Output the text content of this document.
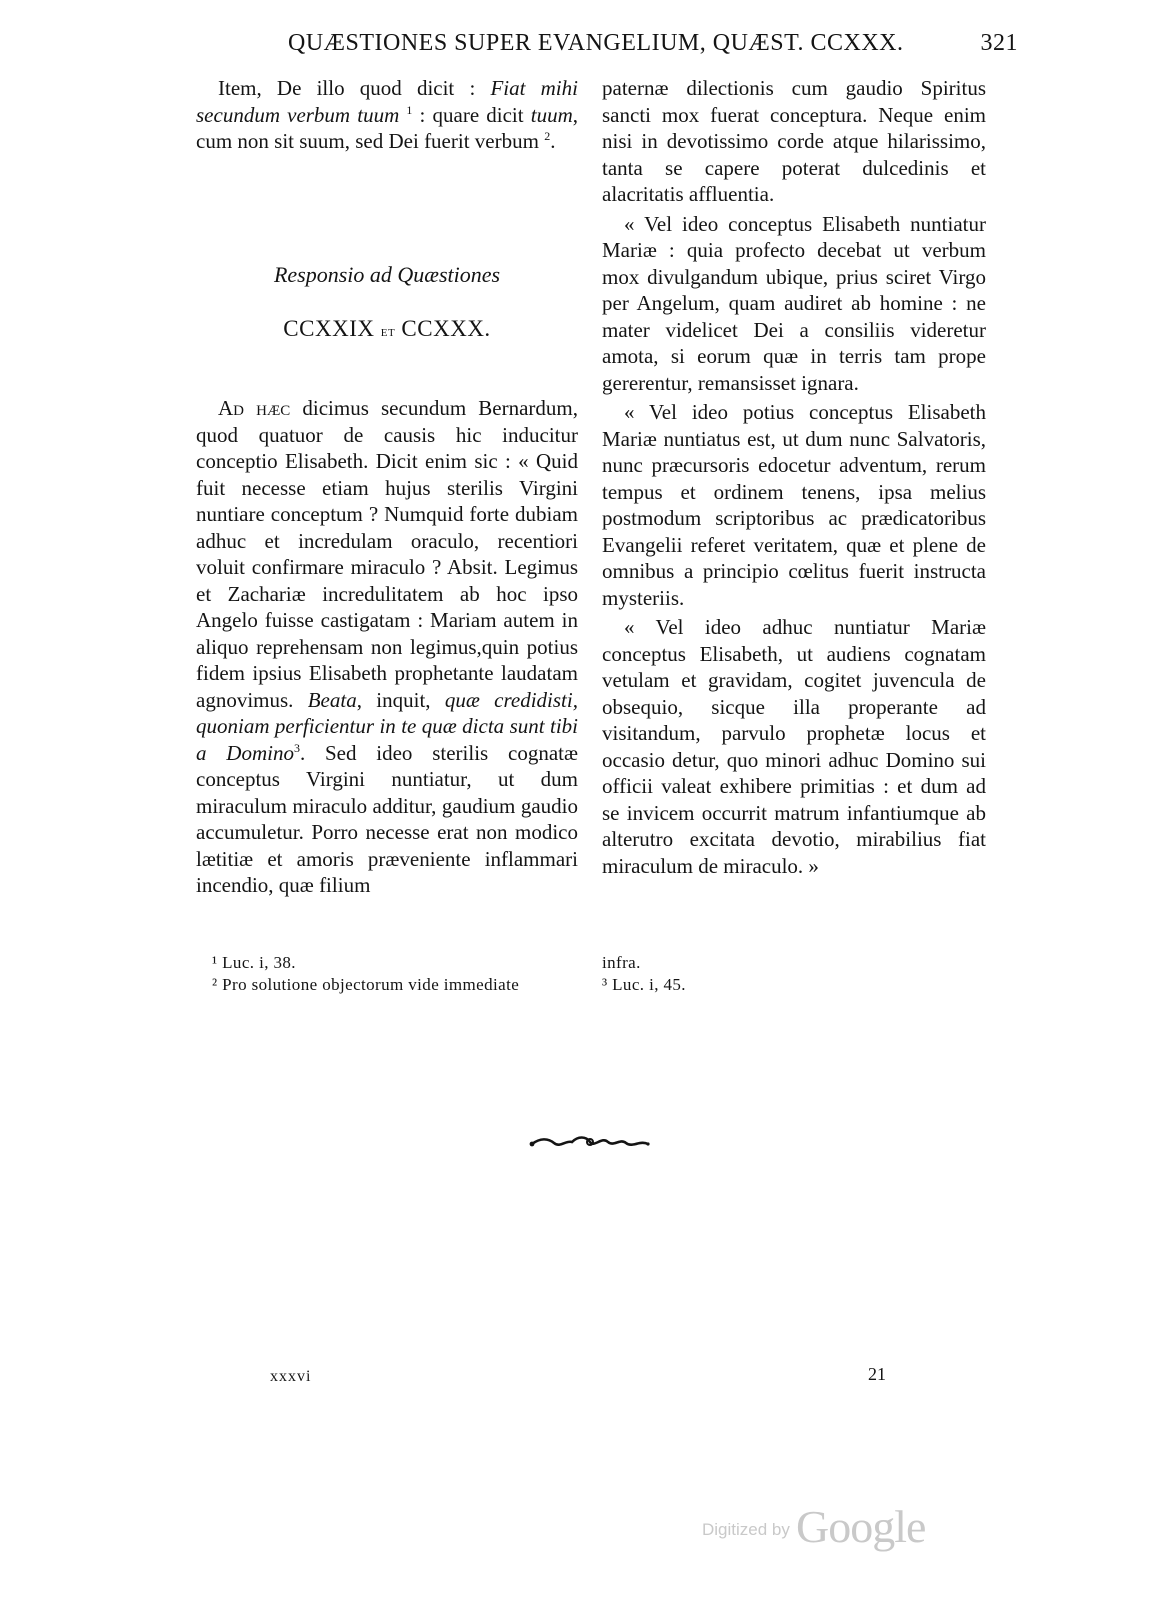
QUÆSTIONES SUPER EVANGELIUM, QUÆST. CCXXX.	321

Item, De illo quod dicit : Fiat mihi secundum verbum tuum $^1$ : quare dicit tuum, cum non sit suum, sed Dei fuerit verbum $^2$.

Responsio ad Quæstiones
CCXXIX et CCXXX.

Ad hæc dicimus secundum Bernardum, quod quatuor de causis hic inducitur conceptio Elisabeth. Dicit enim sic : « Quid fuit necesse etiam hujus sterilis Virgini nuntiare conceptum ? Numquid forte dubiam adhuc et incredulam oraculo, recentiori voluit confirmare miraculo ? Absit. Legimus et Zachariæ incredulitatem ab hoc ipso Angelo fuisse castigatam : Mariam autem in aliquo reprehensam non legimus,quin potius fidem ipsius Elisabeth prophetante laudatam agnovimus. Beata, inquit, quæ credidisti, quoniam perficientur in te quæ dicta sunt tibi a Domino$^3$. Sed ideo sterilis cognatæ conceptus Virgini nuntiatur, ut dum miraculum miraculo additur, gaudium gaudio accumuletur. Porro necesse erat non modico lætitiæ et amoris prævenientе inflammari incendio, quæ filium

paternæ dilectionis cum gaudio Spiritus sancti mox fuerat conceptura. Neque enim nisi in devotissimo corde atque hilarissimo, tanta se capere poterat dulcedinis et alacritatis affluentia.

« Vel ideo conceptus Elisabeth nuntiatur Mariæ : quia profecto decebat ut verbum mox divulgandum ubique, prius sciret Virgo per Angelum, quam audiret ab homine : ne mater videlicet Dei a consiliis videretur amota, si eorum quæ in terris tam prope gererentur, remansisset ignara.

« Vel ideo potius conceptus Elisabeth Mariæ nuntiatus est, ut dum nunc Salvatoris, nunc præcursoris edocetur adventum, rerum tempus et ordinem tenens, ipsa melius postmodum scriptoribus ac prædicatoribus Evangelii referet veritatem, quæ et plene de omnibus a principio cœlitus fuerit instructa mysteriis.

« Vel ideo adhuc nuntiatur Mariæ conceptus Elisabeth, ut audiens cognatam vetulam et gravidam, cogitet juvencula de obsequio, sicque illa properante ad visitandum, parvulo prophetæ locus et occasio detur, quo minori adhuc Domino sui officii valeat exhibere primitias : et dum ad se invicem occurrit matrum infantiumque ab alterutro excitata devotio, mirabilius fiat miraculum de miraculo. »

¹ Luc. i, 38.
² Pro solutione objectorum vide immediate
infra.
³ Luc. i, 45.
xxxvi	21
Digitized by Google
